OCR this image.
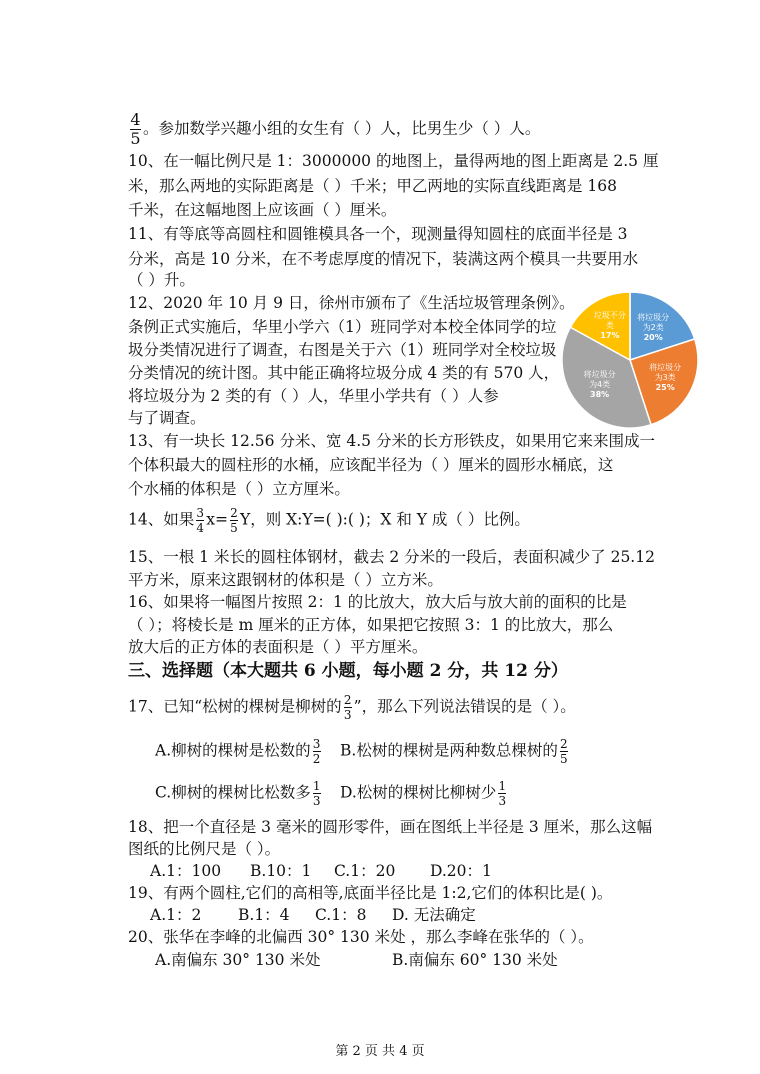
$\frac{4}{5}$ 。参加数学兴趣小组的女生有（ ）人，比男生少（ ）人。
10、在一幅比例尺是 1：3000000 的地图上，量得两地的图上距离是 2.5 厘
米，那么两地的实际距离是（ ）千米；甲乙两地的实际直线距离是 168
千米，在这幅地图上应该画（ ）厘米。
11、有等底等高圆柱和圆锥模具各一个，现测量得知圆柱的底面半径是 3
分米，高是 10 分米，在不考虑厚度的情况下，装满这两个模具一共要用水
（ ）升。
12、2020 年 10 月 9 日，徐州市颁布了《生活垃圾管理条例》。
条例正式实施后，华里小学六（1）班同学对本校全体同学的垃
圾分类情况进行了调查，右图是关于六（1）班同学对全校垃圾
分类情况的统计图。其中能正确将垃圾分成 4 类的有 570 人，
将垃圾分为 2 类的有（ ）人，华里小学共有（ ）人参
与了调查。
将垃圾分为2类 20%
将垃圾分为3类 25%
将垃圾分为4类 38%
垃圾不分类 17%
13、有一块长 12.56 分米、宽 4.5 分米的长方形铁皮，如果用它来来围成一
个体积最大的圆柱形的水桶，应该配半径为（ ）厘米的圆形水桶底，这
个水桶的体积是（ ）立方厘米。
14、如果 $\frac{3}{4} x= \frac{2}{5}$ Y，则 X:Y=( ):( )；X 和 Y 成（ ）比例。
15、一根 1 米长的圆柱体钢材，截去 2 分米的一段后，表面积减少了 25.12
平方米，原来这跟钢材的体积是（ ）立方米。
16、如果将一幅图片按照 2：1 的比放大，放大后与放大前的面积的比是
（ ）；将棱长是 m 厘米的正方体，如果把它按照 3：1 的比放大，那么
放大后的正方体的表面积是（ ）平方厘米。
三、选择题（本大题共 6 小题，每小题 2 分，共 12 分）
17、已知“松树的棵树是柳树的 $\frac{2}{3}$ ”，那么下列说法错误的是（ ）。
A.柳树的棵树是松数的 $\frac{3}{2} B$.松树的棵树是两种数总棵树的 $\frac{2}{5}$
C.柳树的棵树比松数多 $\frac{1}{3} D$.松树的棵树比柳树少 $\frac{1}{3}$
18、把一个直径是 3 毫米的圆形零件，画在图纸上半径是 3 厘米，那么这幅
图纸的比例尺是（ ）。
A.1：100 B.10：1 C.1：20 D.20：1
19、有两个圆柱,它们的高相等,底面半径比是 1:2,它们的体积比是( )。
A.1：2 B.1：4 C.1：8 D. 无法确定
20、张华在李峰的北偏西 30° 130 米处 ，那么李峰在张华的（ ）。
A.南偏东 30° 130 米处	B.南偏东 60° 130 米处
第 2 页 共 4 页
